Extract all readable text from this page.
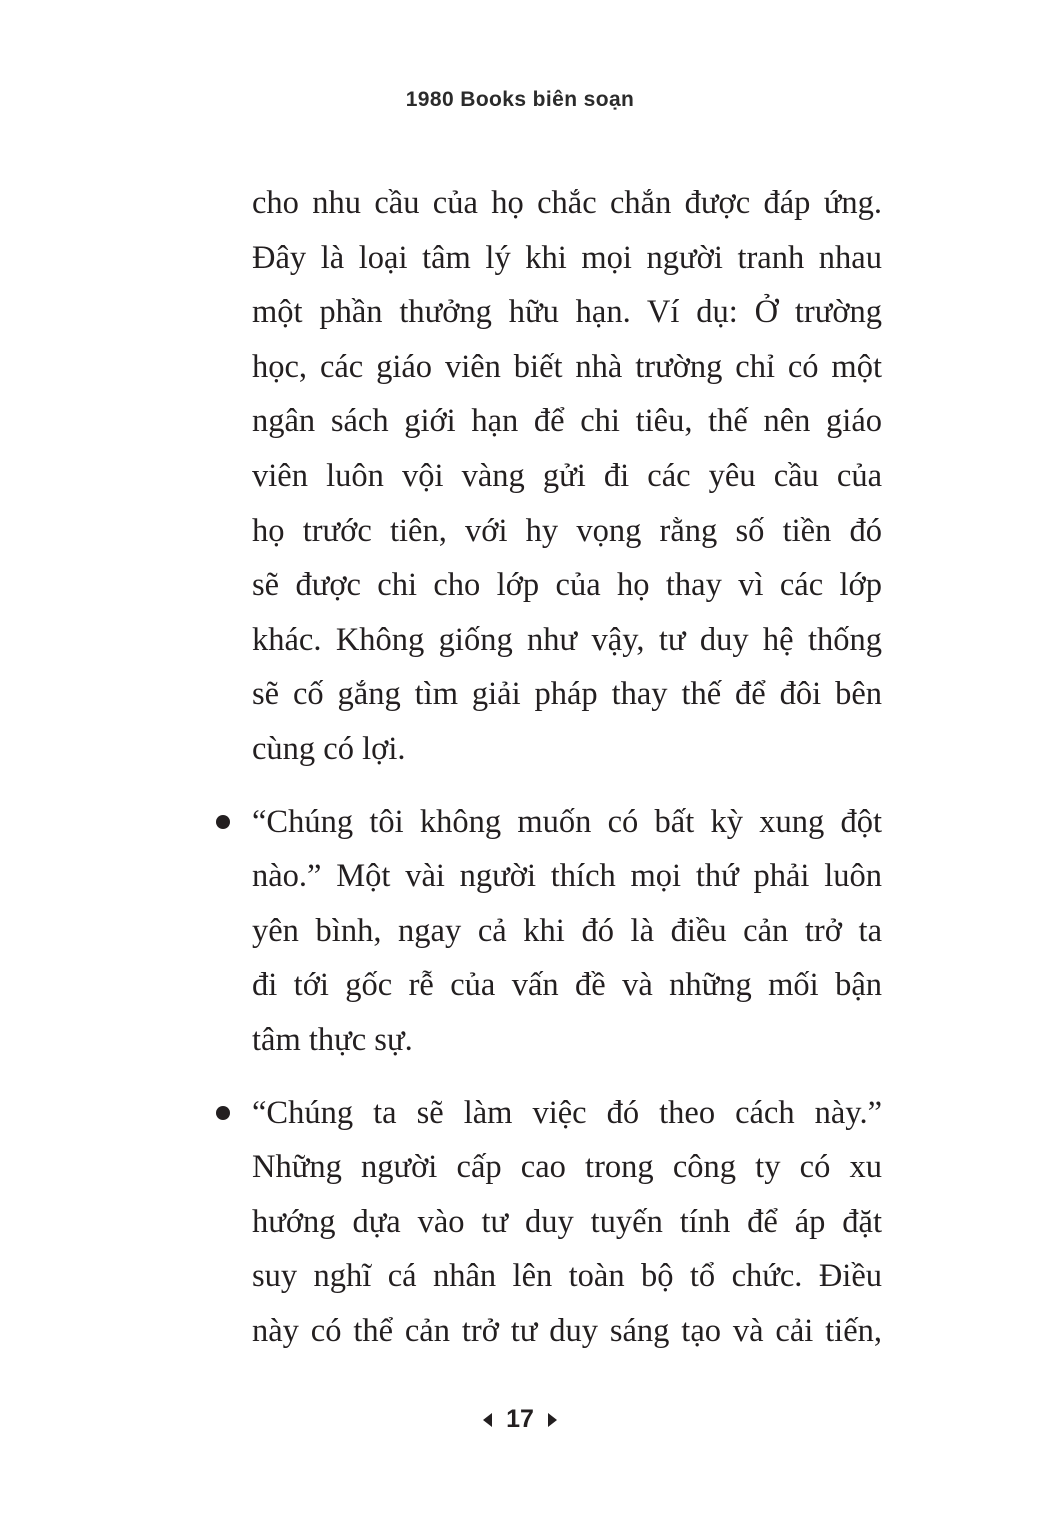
1980 Books biên soạn
cho nhu cầu của họ chắc chắn được đáp ứng.
Đây là loại tâm lý khi mọi người tranh nhau
một phần thưởng hữu hạn. Ví dụ: Ở trường
học, các giáo viên biết nhà trường chỉ có một
ngân sách giới hạn để chi tiêu, thế nên giáo
viên luôn vội vàng gửi đi các yêu cầu của
họ trước tiên, với hy vọng rằng số tiền đó
sẽ được chi cho lớp của họ thay vì các lớp
khác. Không giống như vậy, tư duy hệ thống
sẽ cố gắng tìm giải pháp thay thế để đôi bên
cùng có lợi.
“Chúng tôi không muốn có bất kỳ xung đột
nào.” Một vài người thích mọi thứ phải luôn
yên bình, ngay cả khi đó là điều cản trở ta
đi tới gốc rễ của vấn đề và những mối bận
tâm thực sự.
“Chúng ta sẽ làm việc đó theo cách này.”
Những người cấp cao trong công ty có xu
hướng dựa vào tư duy tuyến tính để áp đặt
suy nghĩ cá nhân lên toàn bộ tổ chức. Điều
này có thể cản trở tư duy sáng tạo và cải tiến,
17
